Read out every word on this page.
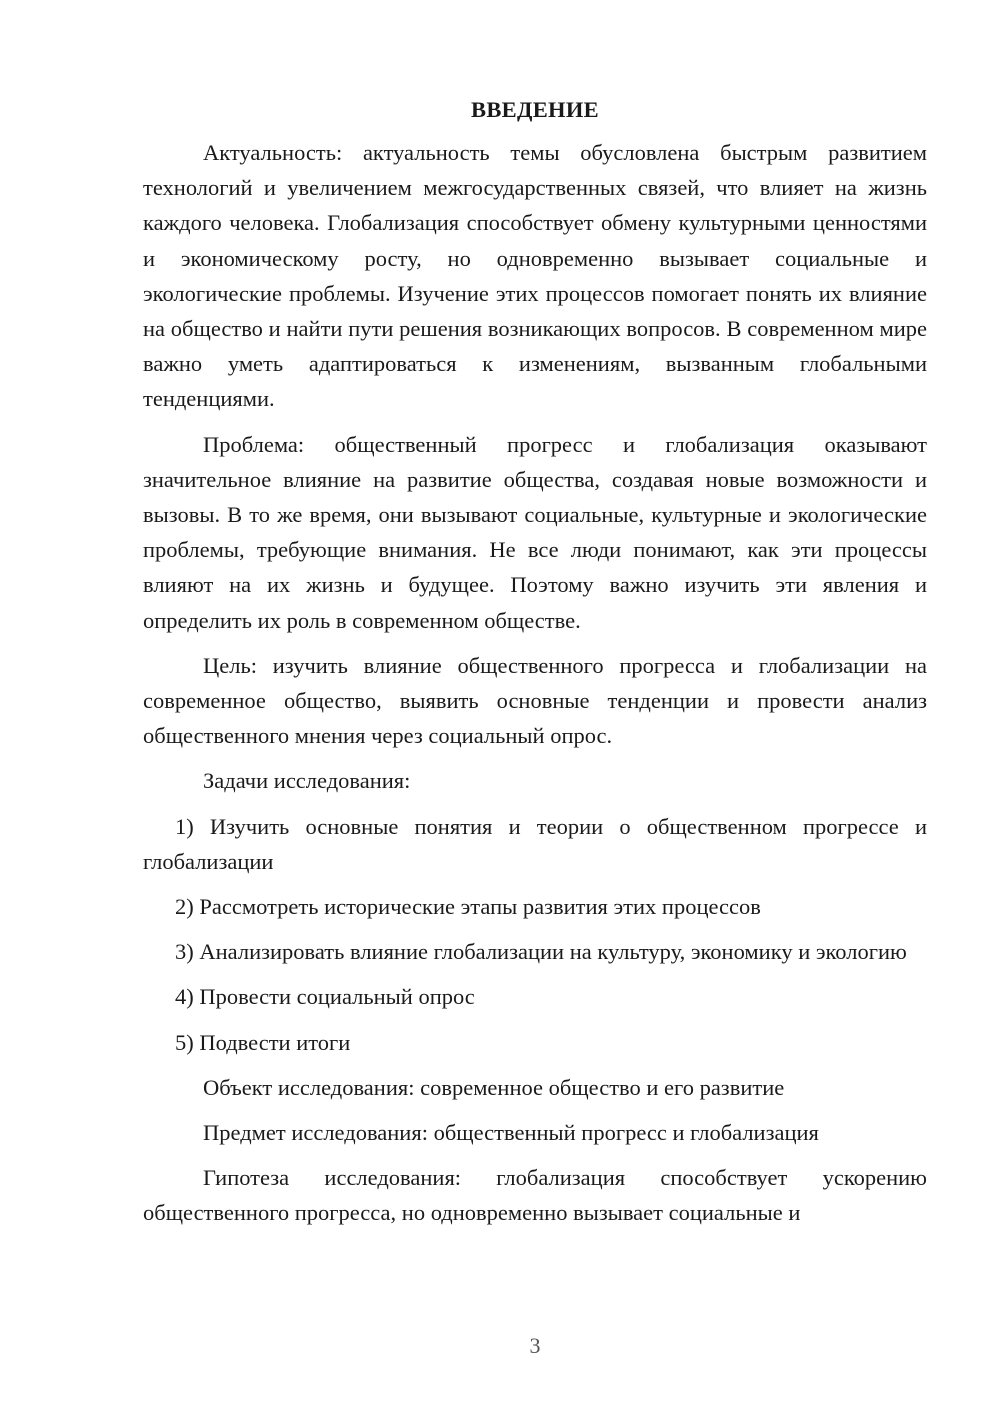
ВВЕДЕНИЕ

Актуальность: актуальность темы обусловлена быстрым развитием технологий и увеличением межгосударственных связей, что влияет на жизнь каждого человека. Глобализация способствует обмену культурными ценностями и экономическому росту, но одновременно вызывает социальные и экологические проблемы. Изучение этих процессов помогает понять их влияние на общество и найти пути решения возникающих вопросов. В современном мире важно уметь адаптироваться к изменениям, вызванным глобальными тенденциями.

Проблема: общественный прогресс и глобализация оказывают значительное влияние на развитие общества, создавая новые возможности и вызовы. В то же время, они вызывают социальные, культурные и экологические проблемы, требующие внимания. Не все люди понимают, как эти процессы влияют на их жизнь и будущее. Поэтому важно изучить эти явления и определить их роль в современном обществе.

Цель: изучить влияние общественного прогресса и глобализации на современное общество, выявить основные тенденции и провести анализ общественного мнения через социальный опрос.

Задачи исследования:

1) Изучить основные понятия и теории о общественном прогрессе и глобализации

2) Рассмотреть исторические этапы развития этих процессов

3) Анализировать влияние глобализации на культуру, экономику и экологию

4) Провести социальный опрос

5) Подвести итоги

Объект исследования: современное общество и его развитие

Предмет исследования: общественный прогресс и глобализация

Гипотеза исследования: глобализация способствует ускорению общественного прогресса, но одновременно вызывает социальные и

3
